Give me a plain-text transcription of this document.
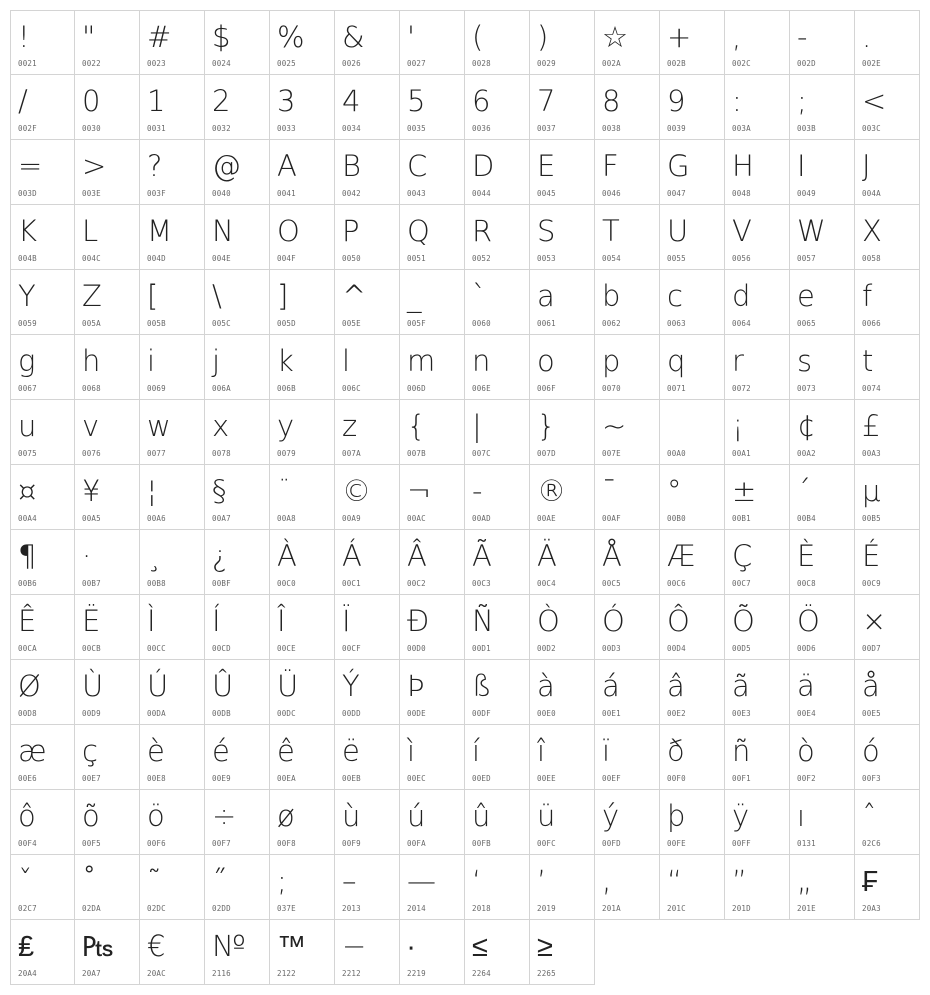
!
0021
"
0022
#
0023
$
0024
%
0025
&
0026
'
0027
(
0028
)
0029
☆
002A
+
002B
,
002C
-
002D
.
002E
/
002F
0
0030
1
0031
2
0032
3
0033
4
0034
5
0035
6
0036
7
0037
8
0038
9
0039
:
003A
;
003B
<
003C
=
003D
>
003E
?
003F
@
0040
A
0041
B
0042
C
0043
D
0044
E
0045
F
0046
G
0047
H
0048
I
0049
J
004A
K
004B
L
004C
M
004D
N
004E
O
004F
P
0050
Q
0051
R
0052
S
0053
T
0054
U
0055
V
0056
W
0057
X
0058
Y
0059
Z
005A
[
005B
\
005C
]
005D
^
005E
_
005F
`
0060
a
0061
b
0062
c
0063
d
0064
e
0065
f
0066
g
0067
h
0068
i
0069
j
006A
k
006B
l
006C
m
006D
n
006E
o
006F
p
0070
q
0071
r
0072
s
0073
t
0074
u
0075
v
0076
w
0077
x
0078
y
0079
z
007A
{
007B
|
007C
}
007D
~
007E	00A0
¡
00A1
¢
00A2
£
00A3
¤
00A4
¥
00A5
¦
00A6
§
00A7
¨
00A8
©
00A9
¬
00AC
-
00AD
®
00AE
¯
00AF
°
00B0
±
00B1
´
00B4
µ
00B5
¶
00B6
·
00B7
¸
00B8
¿
00BF
À
00C0
Á
00C1
Â
00C2
Ã
00C3
Ä
00C4
Å
00C5
Æ
00C6
Ç
00C7
È
00C8
É
00C9
Ê
00CA
Ë
00CB
Ì
00CC
Í
00CD
Î
00CE
Ï
00CF
Đ
00D0
Ñ
00D1
Ò
00D2
Ó
00D3
Ô
00D4
Õ
00D5
Ö
00D6
×
00D7
Ø
00D8
Ù
00D9
Ú
00DA
Û
00DB
Ü
00DC
Ý
00DD
Þ
00DE
ß
00DF
à
00E0
á
00E1
â
00E2
ã
00E3
ä
00E4
å
00E5
æ
00E6
ç
00E7
è
00E8
é
00E9
ê
00EA
ë
00EB
ì
00EC
í
00ED
î
00EE
ï
00EF
ð
00F0
ñ
00F1
ò
00F2
ó
00F3
ô
00F4
õ
00F5
ö
00F6
÷
00F7
ø
00F8
ù
00F9
ú
00FA
û
00FB
ü
00FC
ý
00FD
þ
00FE
ÿ
00FF
ı
0131
ˆ
02C6
ˇ
02C7
˚
02DA
˜
02DC
˝
02DD
;
037E
–
2013
—
2014
‘
2018
’
2019
‚
201A
“
201C
”
201D
„
201E
₣
20A3
₤
20A4
₧
20A7
€
20AC
№
2116
™
2122
−
2212
∙
2219
≤
2264
≥
2265
